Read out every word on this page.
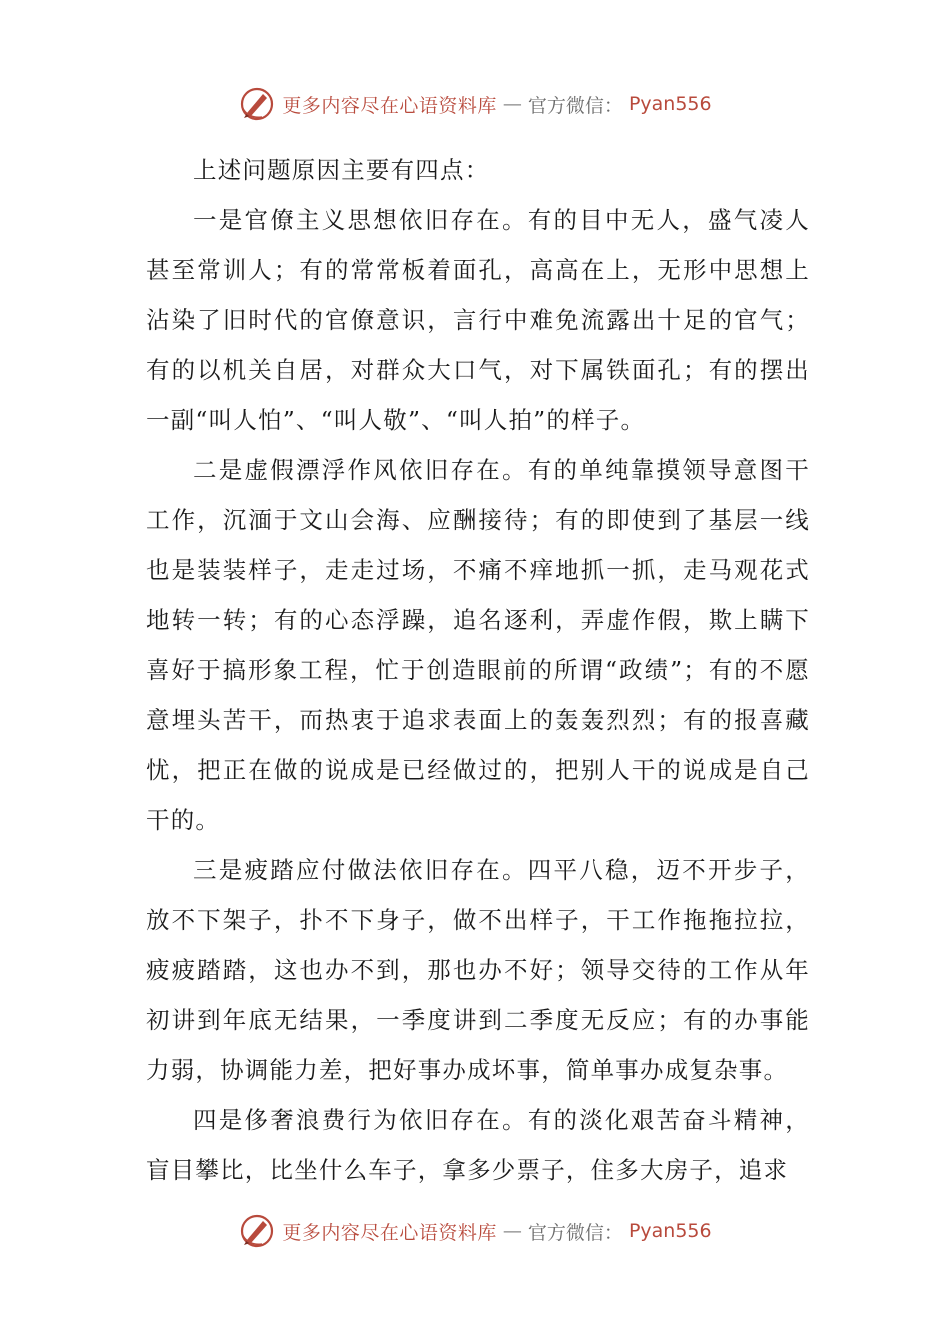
更多内容尽在心语资料库 — 官方微信： Pyan556

上述问题原因主要有四点：

一是官僚主义思想依旧存在。有的目中无人，盛气凌人甚至常训人；有的常常板着面孔，高高在上，无形中思想上沾染了旧时代的官僚意识，言行中难免流露出十足的官气；有的以机关自居，对群众大口气，对下属铁面孔；有的摆出一副“叫人怕”、“叫人敬”、“叫人拍”的样子。

二是虚假漂浮作风依旧存在。有的单纯靠摸领导意图干工作，沉湎于文山会海、应酬接待；有的即使到了基层一线也是装装样子，走走过场，不痛不痒地抓一抓，走马观花式地转一转；有的心态浮躁，追名逐利，弄虚作假，欺上瞒下喜好于搞形象工程，忙于创造眼前的所谓“政绩”；有的不愿意埋头苦干，而热衷于追求表面上的轰轰烈烈；有的报喜藏忧，把正在做的说成是已经做过的，把别人干的说成是自己干的。

三是疲踏应付做法依旧存在。四平八稳，迈不开步子，放不下架子，扑不下身子，做不出样子，干工作拖拖拉拉，疲疲踏踏，这也办不到，那也办不好；领导交待的工作从年初讲到年底无结果，一季度讲到二季度无反应；有的办事能力弱，协调能力差，把好事办成坏事，简单事办成复杂事。

四是侈奢浪费行为依旧存在。有的淡化艰苦奋斗精神，盲目攀比，比坐什么车子，拿多少票子，住多大房子，追求

更多内容尽在心语资料库 — 官方微信： Pyan556
